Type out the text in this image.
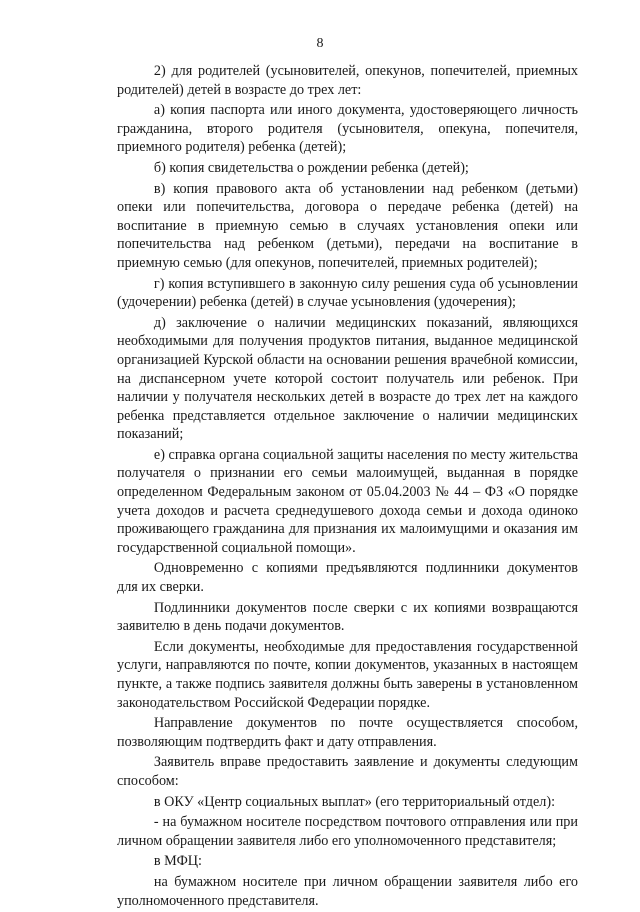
8

2) для родителей (усыновителей, опекунов, попечителей, приемных родителей) детей в возрасте до трех лет:

а) копия паспорта или иного документа, удостоверяющего личность гражданина, второго родителя (усыновителя, опекуна, попечителя, приемного родителя) ребенка (детей);

б) копия свидетельства о рождении ребенка (детей);

в) копия правового акта об установлении над ребенком (детьми) опеки или попечительства, договора о передаче ребенка (детей) на воспитание в приемную семью в случаях установления опеки или попечительства над ребенком (детьми), передачи на воспитание в приемную семью (для опекунов, попечителей, приемных родителей);

г) копия вступившего в законную силу решения суда об усыновлении (удочерении) ребенка (детей) в случае усыновления (удочерения);

д) заключение о наличии медицинских показаний, являющихся необходимыми для получения продуктов питания, выданное медицинской организацией Курской области на основании решения врачебной комиссии, на диспансерном учете которой состоит получатель или ребенок. При наличии у получателя нескольких детей в возрасте до трех лет на каждого ребенка представляется отдельное заключение о наличии медицинских показаний;

е) справка органа социальной защиты населения по месту жительства получателя о признании его семьи малоимущей, выданная в порядке определенном Федеральным законом от 05.04.2003 № 44 – ФЗ «О порядке учета доходов и расчета среднедушевого дохода семьи и дохода одиноко проживающего гражданина для признания их малоимущими и оказания им государственной социальной помощи».

Одновременно с копиями предъявляются подлинники документов для их сверки.

Подлинники документов после сверки с их копиями возвращаются заявителю в день подачи документов.

Если документы, необходимые для предоставления государственной услуги, направляются по почте, копии документов, указанных в настоящем пункте, а также подпись заявителя должны быть заверены в установленном законодательством Российской Федерации порядке.

Направление документов по почте осуществляется способом, позволяющим подтвердить факт и дату отправления.

Заявитель вправе предоставить заявление и документы следующим способом:

в ОКУ «Центр социальных выплат» (его территориальный отдел):

- на бумажном носителе посредством почтового отправления или при личном обращении заявителя либо его уполномоченного представителя;

в МФЦ:

на бумажном носителе при личном обращении заявителя либо его уполномоченного представителя.
